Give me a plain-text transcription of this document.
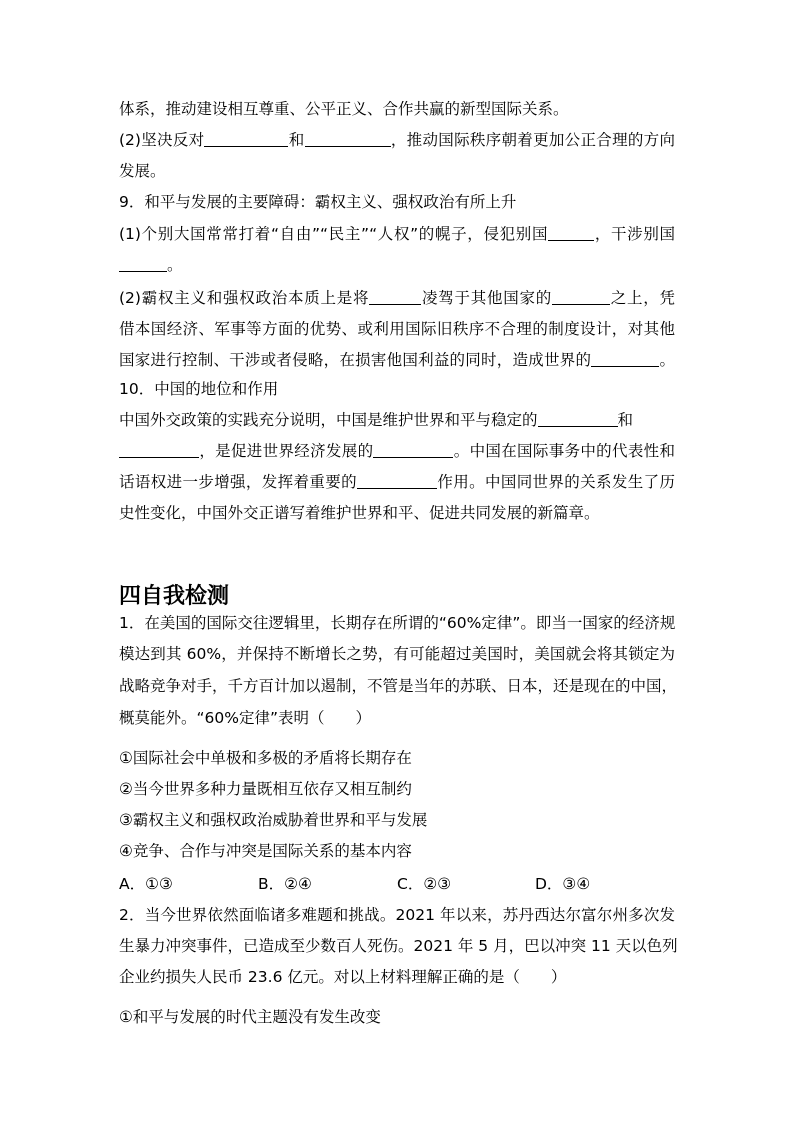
体系，推动建设相互尊重、公平正义、合作共赢的新型国际关系。

(2)坚决反对	和	，推动国际秩序朝着更加公正合理的方向

发展。

9．和平与发展的主要障碍：霸权主义、强权政治有所上升

(1)个别大国常常打着“自由”“民主”“人权”的幌子，侵犯别国	，干涉别国

。

(2)霸权主义和强权政治本质上是将	凌驾于其他国家的	之上，凭

借本国经济、军事等方面的优势、或利用国际旧秩序不合理的制度设计，对其他

国家进行控制、干涉或者侵略，在损害他国利益的同时，造成世界的	。

10．中国的地位和作用

中国外交政策的实践充分说明，中国是维护世界和平与稳定的	和

，是促进世界经济发展的	。中国在国际事务中的代表性和

话语权进一步增强，发挥着重要的	作用。中国同世界的关系发生了历

史性变化，中国外交正谱写着维护世界和平、促进共同发展的新篇章。

四自我检测

1．在美国的国际交往逻辑里，长期存在所谓的“60%定律”。即当一国家的经济规

模达到其 60%，并保持不断增长之势，有可能超过美国时，美国就会将其锁定为

战略竞争对手，千方百计加以遏制，不管是当年的苏联、日本，还是现在的中国，

概莫能外。“60%定律”表明（　　）

①国际社会中单极和多极的矛盾将长期存在

②当今世界多种力量既相互依存又相互制约

③霸权主义和强权政治威胁着世界和平与发展

④竞争、合作与冲突是国际关系的基本内容

A．①③	B．②④	C．②③	D．③④

2．当今世界依然面临诸多难题和挑战。2021 年以来，苏丹西达尔富尔州多次发

生暴力冲突事件，已造成至少数百人死伤。2021 年 5 月，巴以冲突 11 天以色列

企业约损失人民币 23.6 亿元。对以上材料理解正确的是（　　）

①和平与发展的时代主题没有发生改变
